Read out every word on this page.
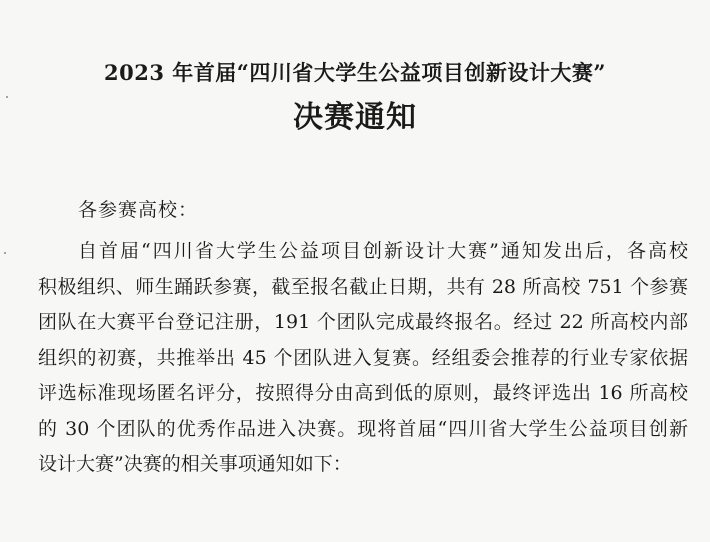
2023 年首届“四川省大学生公益项目创新设计大赛”
决赛通知
各参赛高校：
自首届“四川省大学生公益项目创新设计大赛”通知发出后，各高校
积极组织、师生踊跃参赛，截至报名截止日期，共有 28 所高校 751 个参赛
团队在大赛平台登记注册，191 个团队完成最终报名。经过 22 所高校内部
组织的初赛，共推举出 45 个团队进入复赛。经组委会推荐的行业专家依据
评选标准现场匿名评分，按照得分由高到低的原则，最终评选出 16 所高校
的 30 个团队的优秀作品进入决赛。现将首届“四川省大学生公益项目创新
设计大赛”决赛的相关事项通知如下：
